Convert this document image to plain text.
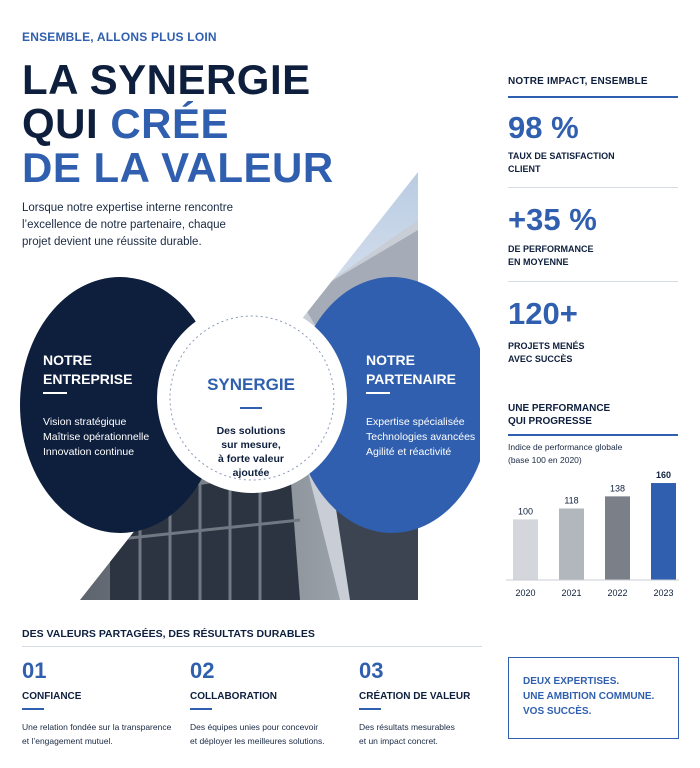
ENSEMBLE, ALLONS PLUS LOIN
LA SYNERGIE
QUI CRÉE
DE LA VALEUR
Lorsque notre expertise interne rencontre l’excellence de notre partenaire, chaque projet devient une réussite durable.
NOTRE
ENTREPRISE
Vision stratégique
Maîtrise opérationnelle
Innovation continue
SYNERGIE
Des solutions
sur mesure,
à forte valeur
ajoutée
NOTRE
PARTENAIRE
Expertise spécialisée
Technologies avancées
Agilité et réactivité
NOTRE IMPACT, ENSEMBLE
98 %
TAUX DE SATISFACTION
CLIENT
+35 %
DE PERFORMANCE
EN MOYENNE
120+
PROJETS MENÉS
AVEC SUCCÈS
UNE PERFORMANCE
QUI PROGRESSE
Indice de performance globale
(base 100 en 2020)
100
2020
118
2021
138
2022
160
2023
DES VALEURS PARTAGÉES, DES RÉSULTATS DURABLES
01
CONFIANCE
Une relation fondée sur la transparence
et l’engagement mutuel.
02
COLLABORATION
Des équipes unies pour concevoir
et déployer les meilleures solutions.
03
CRÉATION DE VALEUR
Des résultats mesurables
et un impact concret.
DEUX EXPERTISES.
UNE AMBITION COMMUNE.
VOS SUCCÈS.
